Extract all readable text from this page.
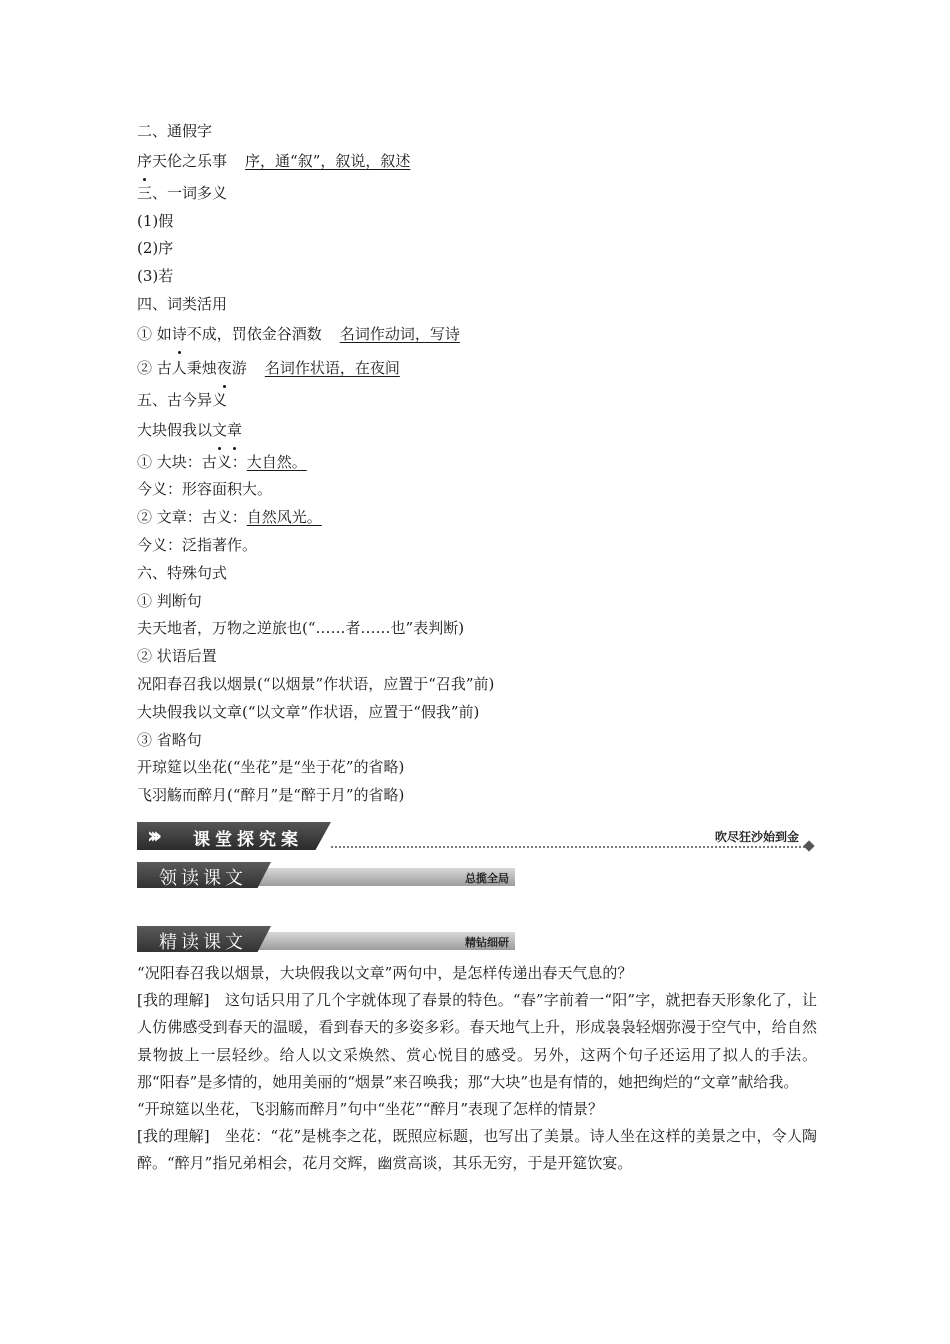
二、通假字
序天伦之乐事 序，通“叙”，叙说，叙述
三、一词多义
(1)假
(2)序
(3)若
四、词类活用
① 如诗不成，罚依金谷酒数 名词作动词，写诗
② 古人秉烛夜游 名词作状语，在夜间
五、古今异义
大块假我以文章
① 大块：古义：大自然。
今义：形容面积大。
② 文章：古义：自然风光。
今义：泛指著作。
六、特殊句式
① 判断句
夫天地者，万物之逆旅也(“……者……也”表判断)
② 状语后置
况阳春召我以烟景(“以烟景”作状语，应置于“召我”前)
大块假我以文章(“以文章”作状语，应置于“假我”前)
③ 省略句
开琼筵以坐花(“坐花”是“坐于花”的省略)
飞羽觞而醉月(“醉月”是“醉于月”的省略)
››› 课堂探究案	吹尽狂沙始到金
领读课文	总揽全局
精读课文	精钻细研

“况阳春召我以烟景，大块假我以文章”两句中，是怎样传递出春天气息的？

[我的理解]　这句话只用了几个字就体现了春景的特色。“春”字前着一“阳”字，就把春天形象化了，让人仿佛感受到春天的温暖，看到春天的多姿多彩。春天地气上升，形成袅袅轻烟弥漫于空气中，给自然景物披上一层轻纱。给人以文采焕然、赏心悦目的感受。另外，这两个句子还运用了拟人的手法。那“阳春”是多情的，她用美丽的“烟景”来召唤我；那“大块”也是有情的，她把绚烂的“文章”献给我。

“开琼筵以坐花，飞羽觞而醉月”句中“坐花”“醉月”表现了怎样的情景？

[我的理解]　坐花：“花”是桃李之花，既照应标题，也写出了美景。诗人坐在这样的美景之中，令人陶醉。“醉月”指兄弟相会，花月交辉，幽赏高谈，其乐无穷，于是开筵饮宴。
